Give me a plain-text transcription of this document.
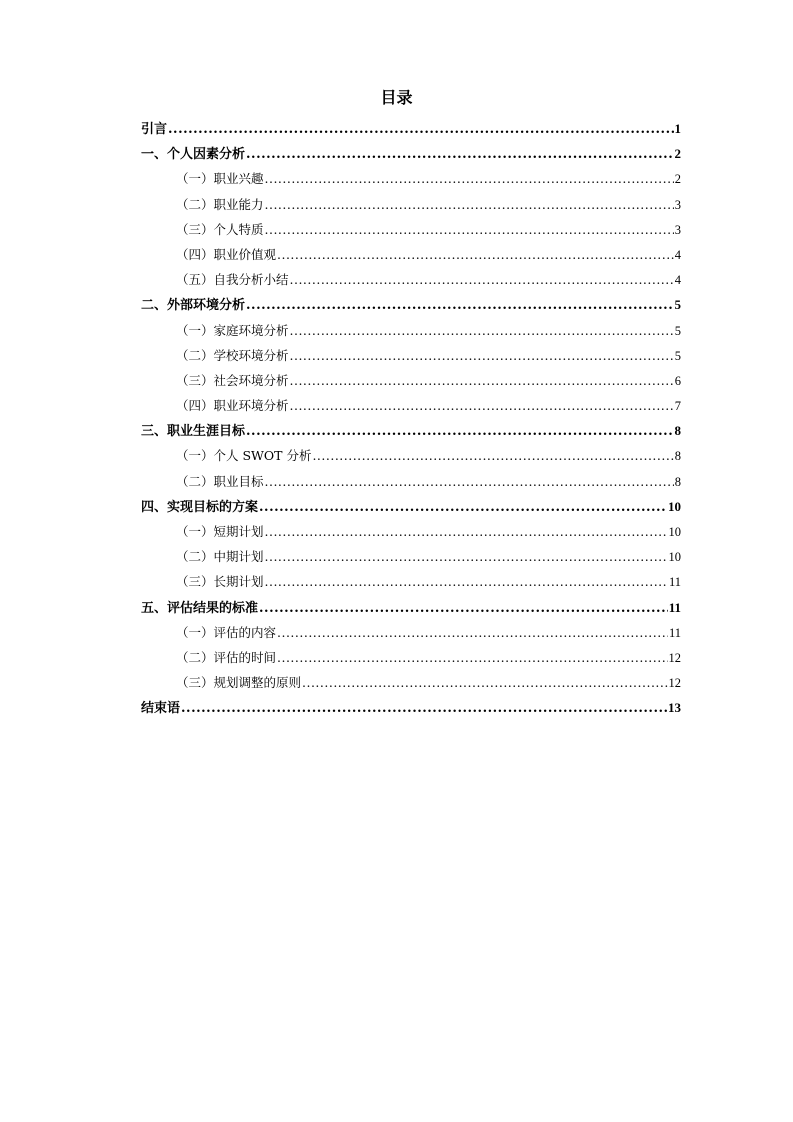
目录
引言 .....	1
一、个人因素分析 .....	2
（一）职业兴趣 .....	2
（二）职业能力 .....	3
（三）个人特质 .....	3
（四）职业价值观 .....	4
（五）自我分析小结 .....	4
二、外部环境分析 .....	5
（一）家庭环境分析 .....	5
（二）学校环境分析 .....	5
（三）社会环境分析 .....	6
（四）职业环境分析 .....	7
三、职业生涯目标 .....	8
（一）个人 SWOT 分析 .....	8
（二）职业目标 .....	8
四、实现目标的方案 .....	10
（一）短期计划 .....	10
（二）中期计划 .....	10
（三）长期计划 .....	11
五、评估结果的标准 .....	11
（一）评估的内容 .....	11
（二）评估的时间 .....	12
（三）规划调整的原则 .....	12
结束语 .....	13
